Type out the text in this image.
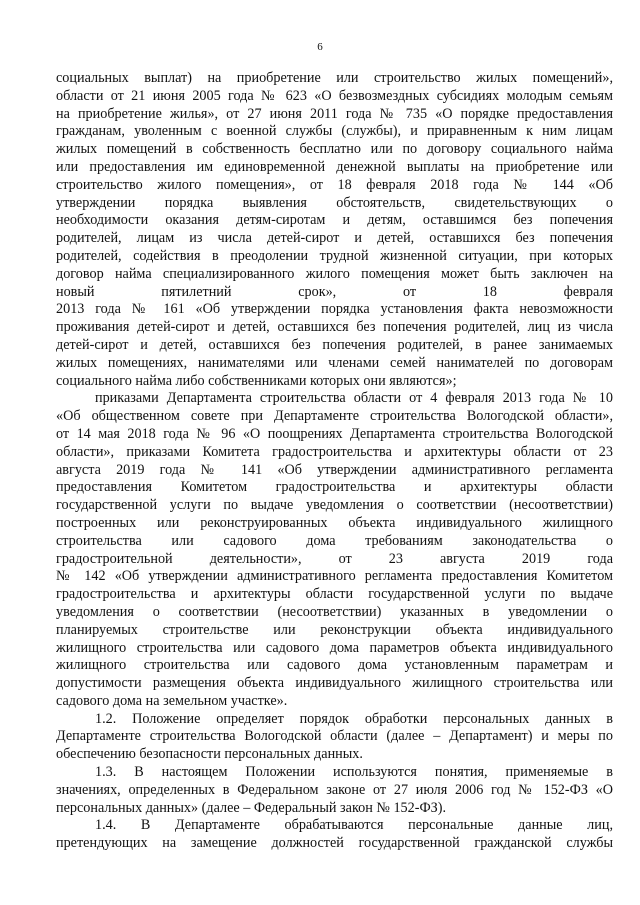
6
социальных выплат) на приобретение или строительство жилых помещений»,
области от 21 июня 2005 года № 623 «О безвозмездных субсидиях молодым семьям
на приобретение жилья», от 27 июня 2011 года № 735 «О порядке предоставления
гражданам, уволенным с военной службы (службы), и приравненным к ним лицам
жилых помещений в собственность бесплатно или по договору социального найма
или предоставления им единовременной денежной выплаты на приобретение или
строительство жилого помещения», от 18 февраля 2018 года № 144 «Об
утверждении порядка выявления обстоятельств, свидетельствующих о
необходимости оказания детям-сиротам и детям, оставшимся без попечения
родителей, лицам из числа детей-сирот и детей, оставшихся без попечения
родителей, содействия в преодолении трудной жизненной ситуации, при которых
договор найма специализированного жилого помещения может быть заключен на
новый пятилетний срок», от 18 февраля
2013 года № 161 «Об утверждении порядка установления факта невозможности
проживания детей-сирот и детей, оставшихся без попечения родителей, лиц из числа
детей-сирот и детей, оставшихся без попечения родителей, в ранее занимаемых
жилых помещениях, нанимателями или членами семей нанимателей по договорам
социального найма либо собственниками которых они являются»;
приказами Департамента строительства области от 4 февраля 2013 года № 10
«Об общественном совете при Департаменте строительства Вологодской области»,
от 14 мая 2018 года № 96 «О поощрениях Департамента строительства Вологодской
области», приказами Комитета градостроительства и архитектуры области от 23
августа 2019 года № 141 «Об утверждении административного регламента
предоставления Комитетом градостроительства и архитектуры области
государственной услуги по выдаче уведомления о соответствии (несоответствии)
построенных или реконструированных объекта индивидуального жилищного
строительства или садового дома требованиям законодательства о
градостроительной деятельности», от 23 августа 2019 года
№ 142 «Об утверждении административного регламента предоставления Комитетом
градостроительства и архитектуры области государственной услуги по выдаче
уведомления о соответствии (несоответствии) указанных в уведомлении о
планируемых строительстве или реконструкции объекта индивидуального
жилищного строительства или садового дома параметров объекта индивидуального
жилищного строительства или садового дома установленным параметрам и
допустимости размещения объекта индивидуального жилищного строительства или
садового дома на земельном участке».
1.2. Положение определяет порядок обработки персональных данных в
Департаменте строительства Вологодской области (далее – Департамент) и меры по
обеспечению безопасности персональных данных.
1.3. В настоящем Положении используются понятия, применяемые в
значениях, определенных в Федеральном законе от 27 июля 2006 год № 152-ФЗ «О
персональных данных» (далее – Федеральный закон № 152-ФЗ).
1.4. В Департаменте обрабатываются персональные данные лиц,
претендующих на замещение должностей государственной гражданской службы
